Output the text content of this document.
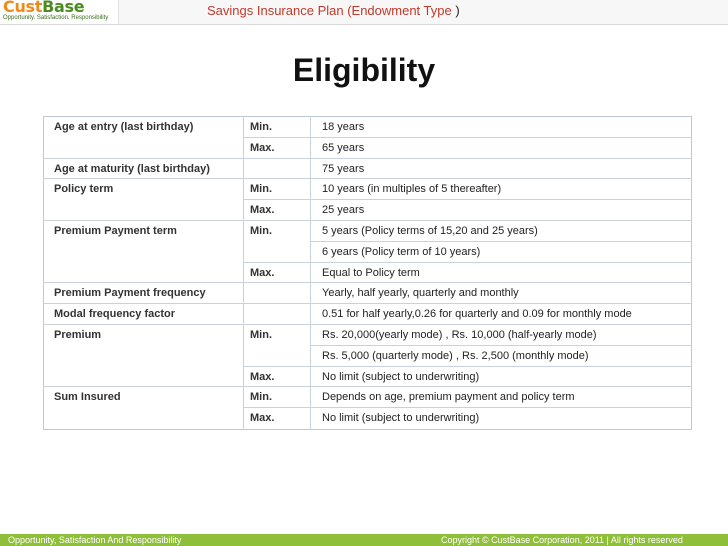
CustBase
Opportunity. Satisfaction. Responsibility	Savings Insurance Plan (Endowment Type )
Eligibility
Age at entry (last birthday)	Min.	18 years
Max.	65 years
Age at maturity (last birthday)	75 years
Policy term	Min.	10 years (in multiples of 5 thereafter)
Max.	25 years
Premium Payment term	Min.	5 years (Policy terms of 15,20 and 25 years)
6 years (Policy term of 10 years)
Max.	Equal to Policy term
Premium Payment frequency	Yearly, half yearly, quarterly and monthly
Modal frequency factor	0.51 for half yearly,0.26 for quarterly and 0.09 for monthly mode
Premium	Min.	Rs. 20,000(yearly mode) , Rs. 10,000 (half-yearly mode)
Rs. 5,000 (quarterly mode) , Rs. 2,500 (monthly mode)
Max.	No limit (subject to underwriting)
Sum Insured	Min.	Depends on age, premium payment and policy term
Max.	No limit (subject to underwriting)
Opportunity, Satisfaction And Responsibility	Copyright © CustBase Corporation, 2011 | All rights reserved
